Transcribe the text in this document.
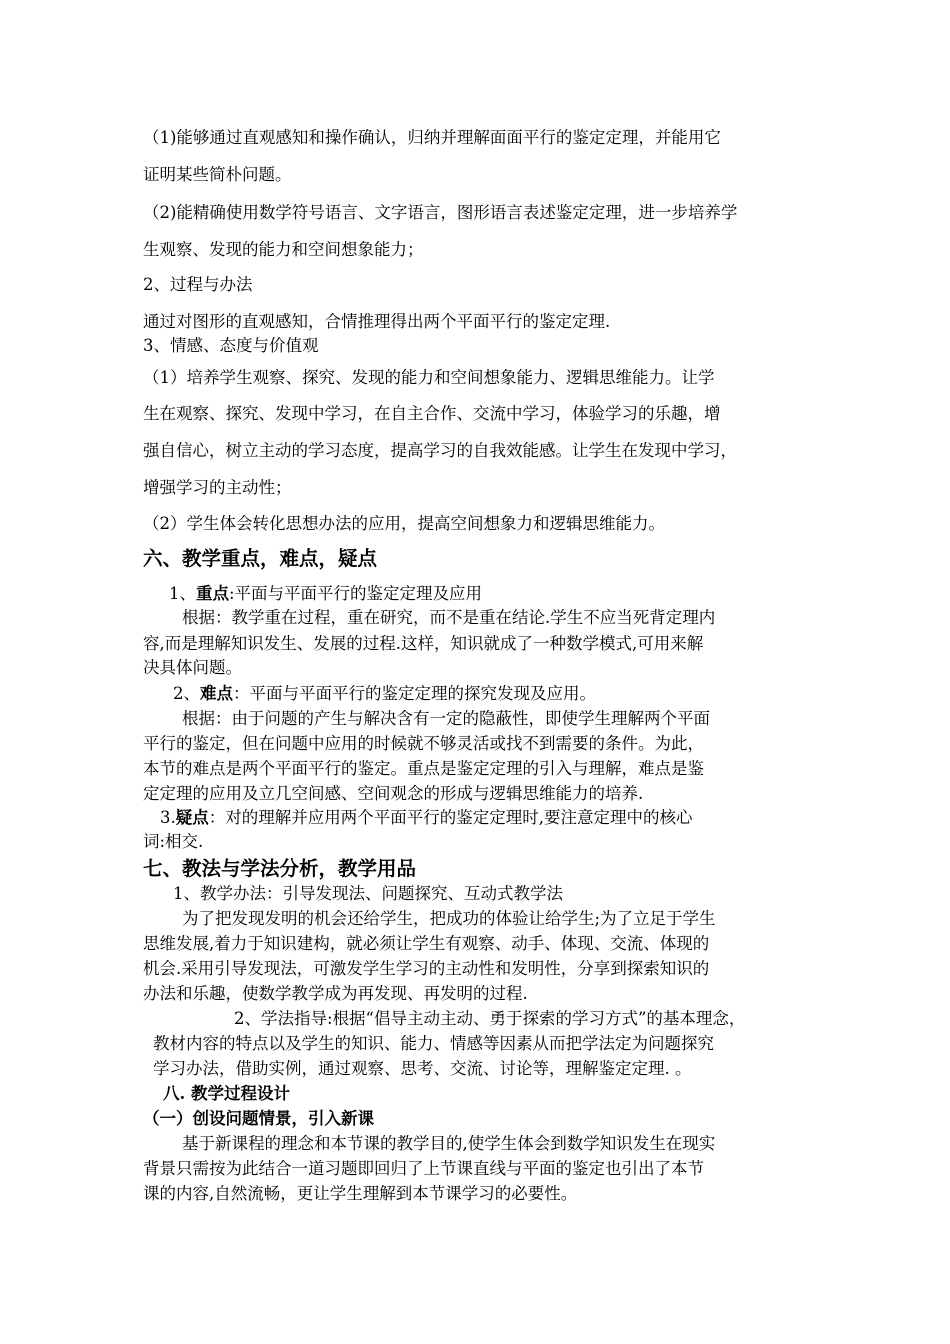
（1)能够通过直观感知和操作确认，归纳并理解面面平行的鉴定定理，并能用它
证明某些简朴问题。
（2)能精确使用数学符号语言、文字语言，图形语言表述鉴定定理，进一步培养学
生观察、发现的能力和空间想象能力；
2、过程与办法
通过对图形的直观感知，合情推理得出两个平面平行的鉴定定理.
3、情感、态度与价值观
（1）培养学生观察、探究、发现的能力和空间想象能力、逻辑思维能力。让学
生在观察、探究、发现中学习，在自主合作、交流中学习，体验学习的乐趣，增
强自信心，树立主动的学习态度，提高学习的自我效能感。让学生在发现中学习，
增强学习的主动性；
（2）学生体会转化思想办法的应用，提高空间想象力和逻辑思维能力。
六、教学重点，难点，疑点
1、重点:平面与平面平行的鉴定定理及应用
根据：教学重在过程，重在研究，而不是重在结论.学生不应当死背定理内
容,而是理解知识发生、发展的过程.这样，知识就成了一种数学模式,可用来解
决具体问题。
2、难点：平面与平面平行的鉴定定理的探究发现及应用。
根据：由于问题的产生与解决含有一定的隐蔽性，即使学生理解两个平面
平行的鉴定，但在问题中应用的时候就不够灵活或找不到需要的条件。为此，
本节的难点是两个平面平行的鉴定。重点是鉴定定理的引入与理解，难点是鉴
定定理的应用及立几空间感、空间观念的形成与逻辑思维能力的培养.
3.疑点：对的理解并应用两个平面平行的鉴定定理时,要注意定理中的核心
词:相交.
七、教法与学法分析，教学用品
1、教学办法：引导发现法、问题探究、互动式教学法
为了把发现发明的机会还给学生，把成功的体验让给学生;为了立足于学生
思维发展,着力于知识建构，就必须让学生有观察、动手、体现、交流、体现的
机会.采用引导发现法，可激发学生学习的主动性和发明性，分享到探索知识的
办法和乐趣，使数学教学成为再发现、再发明的过程.
2、学法指导:根据“倡导主动主动、勇于探索的学习方式”的基本理念，
教材内容的特点以及学生的知识、能力、情感等因素从而把学法定为问题探究
学习办法，借助实例，通过观察、思考、交流、讨论等，理解鉴定定理. 。
八. 教学过程设计
（一）创设问题情景，引入新课
基于新课程的理念和本节课的教学目的,使学生体会到数学知识发生在现实
背景只需按为此结合一道习题即回归了上节课直线与平面的鉴定也引出了本节
课的内容,自然流畅，更让学生理解到本节课学习的必要性。
